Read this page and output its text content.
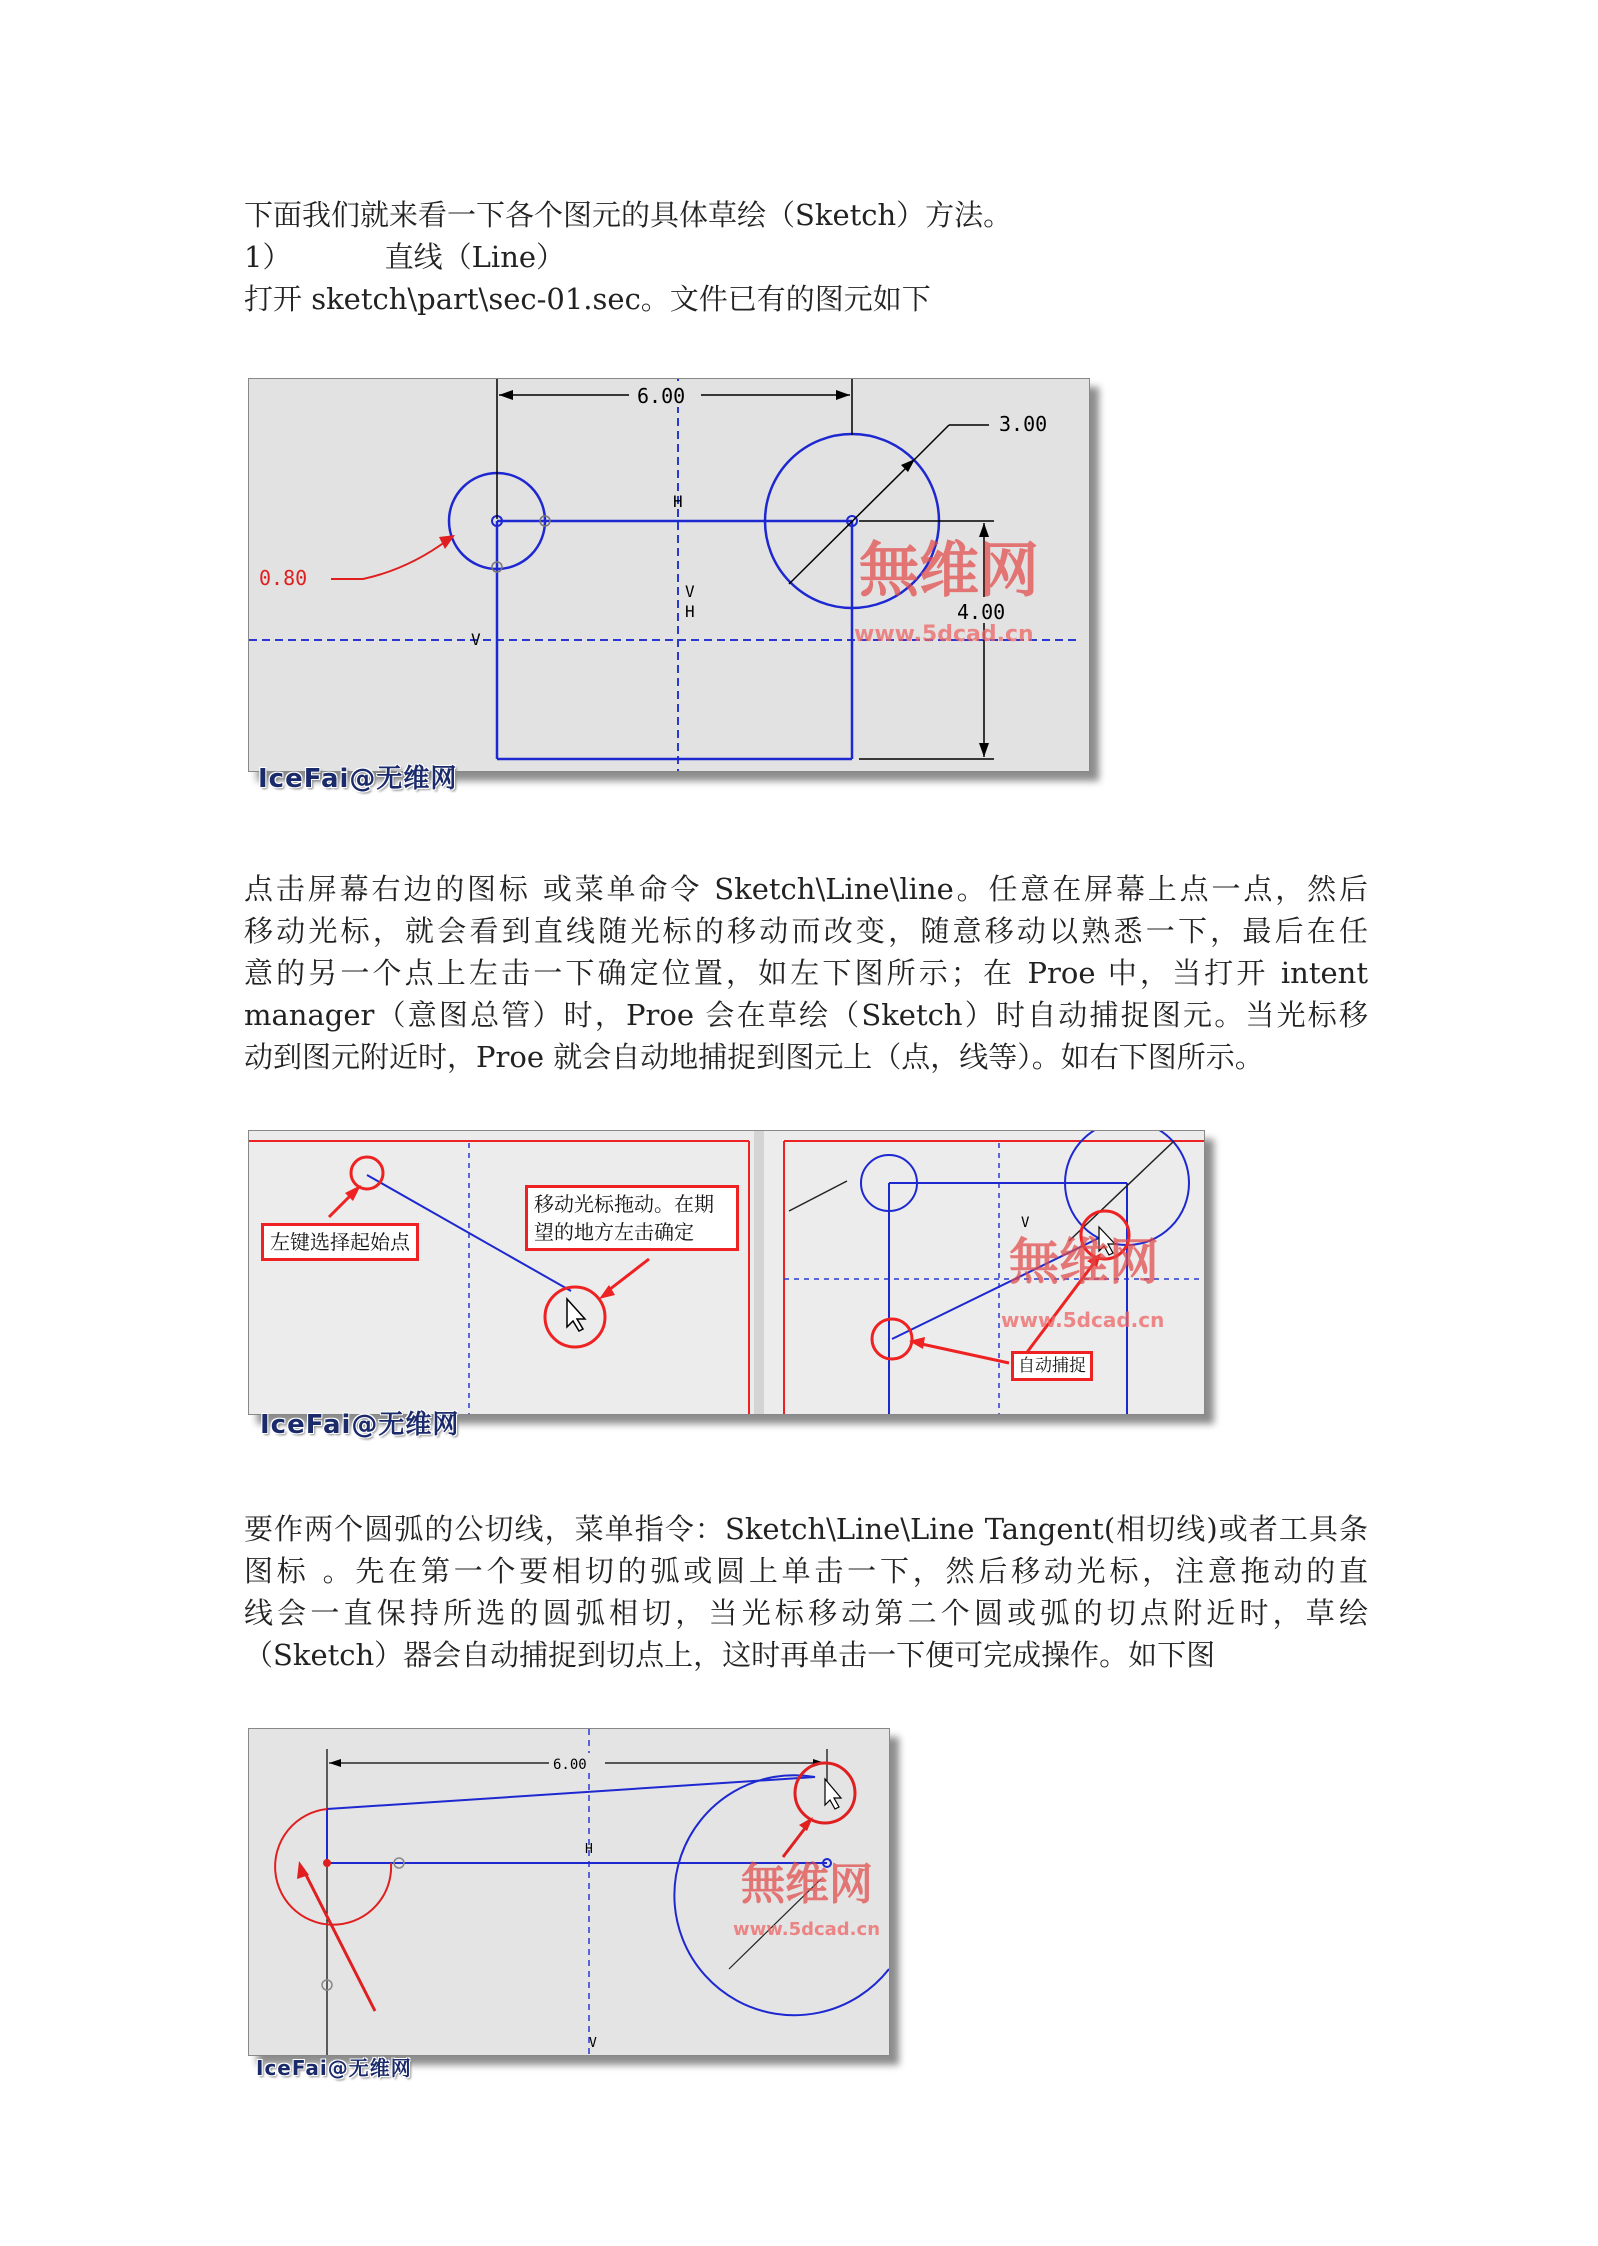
下面我们就来看一下各个图元的具体草绘（Sketch）方法。
1）	直线（Line）
打开 sketch\part\sec-01.sec。文件已有的图元如下
6.00
3.00
4.00
0.80
H
V
H
V
無维网
www.5dcad.cn
IceFai@无维网
点击屏幕右边的图标 或菜单命令 Sketch\Line\line。任意在屏幕上点一点，然后
移动光标，就会看到直线随光标的移动而改变，随意移动以熟悉一下，最后在任
意的另一个点上左击一下确定位置，如左下图所示；在 Proe 中，当打开 intent
manager（意图总管）时，Proe 会在草绘（Sketch）时自动捕捉图元。当光标移
动到图元附近时，Proe 就会自动地捕捉到图元上（点，线等）。如右下图所示。
V
無维网
www.5dcad.cn
左键选择起始点
移动光标拖动。在期
望的地方左击确定
自动捕捉
IceFai@无维网
要作两个圆弧的公切线，菜单指令：Sketch\Line\Line Tangent(相切线)或者工具条
图标 。先在第一个要相切的弧或圆上单击一下，然后移动光标，注意拖动的直
线会一直保持所选的圆弧相切，当光标移动第二个圆或弧的切点附近时，草绘
（Sketch）器会自动捕捉到切点上，这时再单击一下便可完成操作。如下图
6.00
H
V
無维网
www.5dcad.cn
IceFai@无维网
